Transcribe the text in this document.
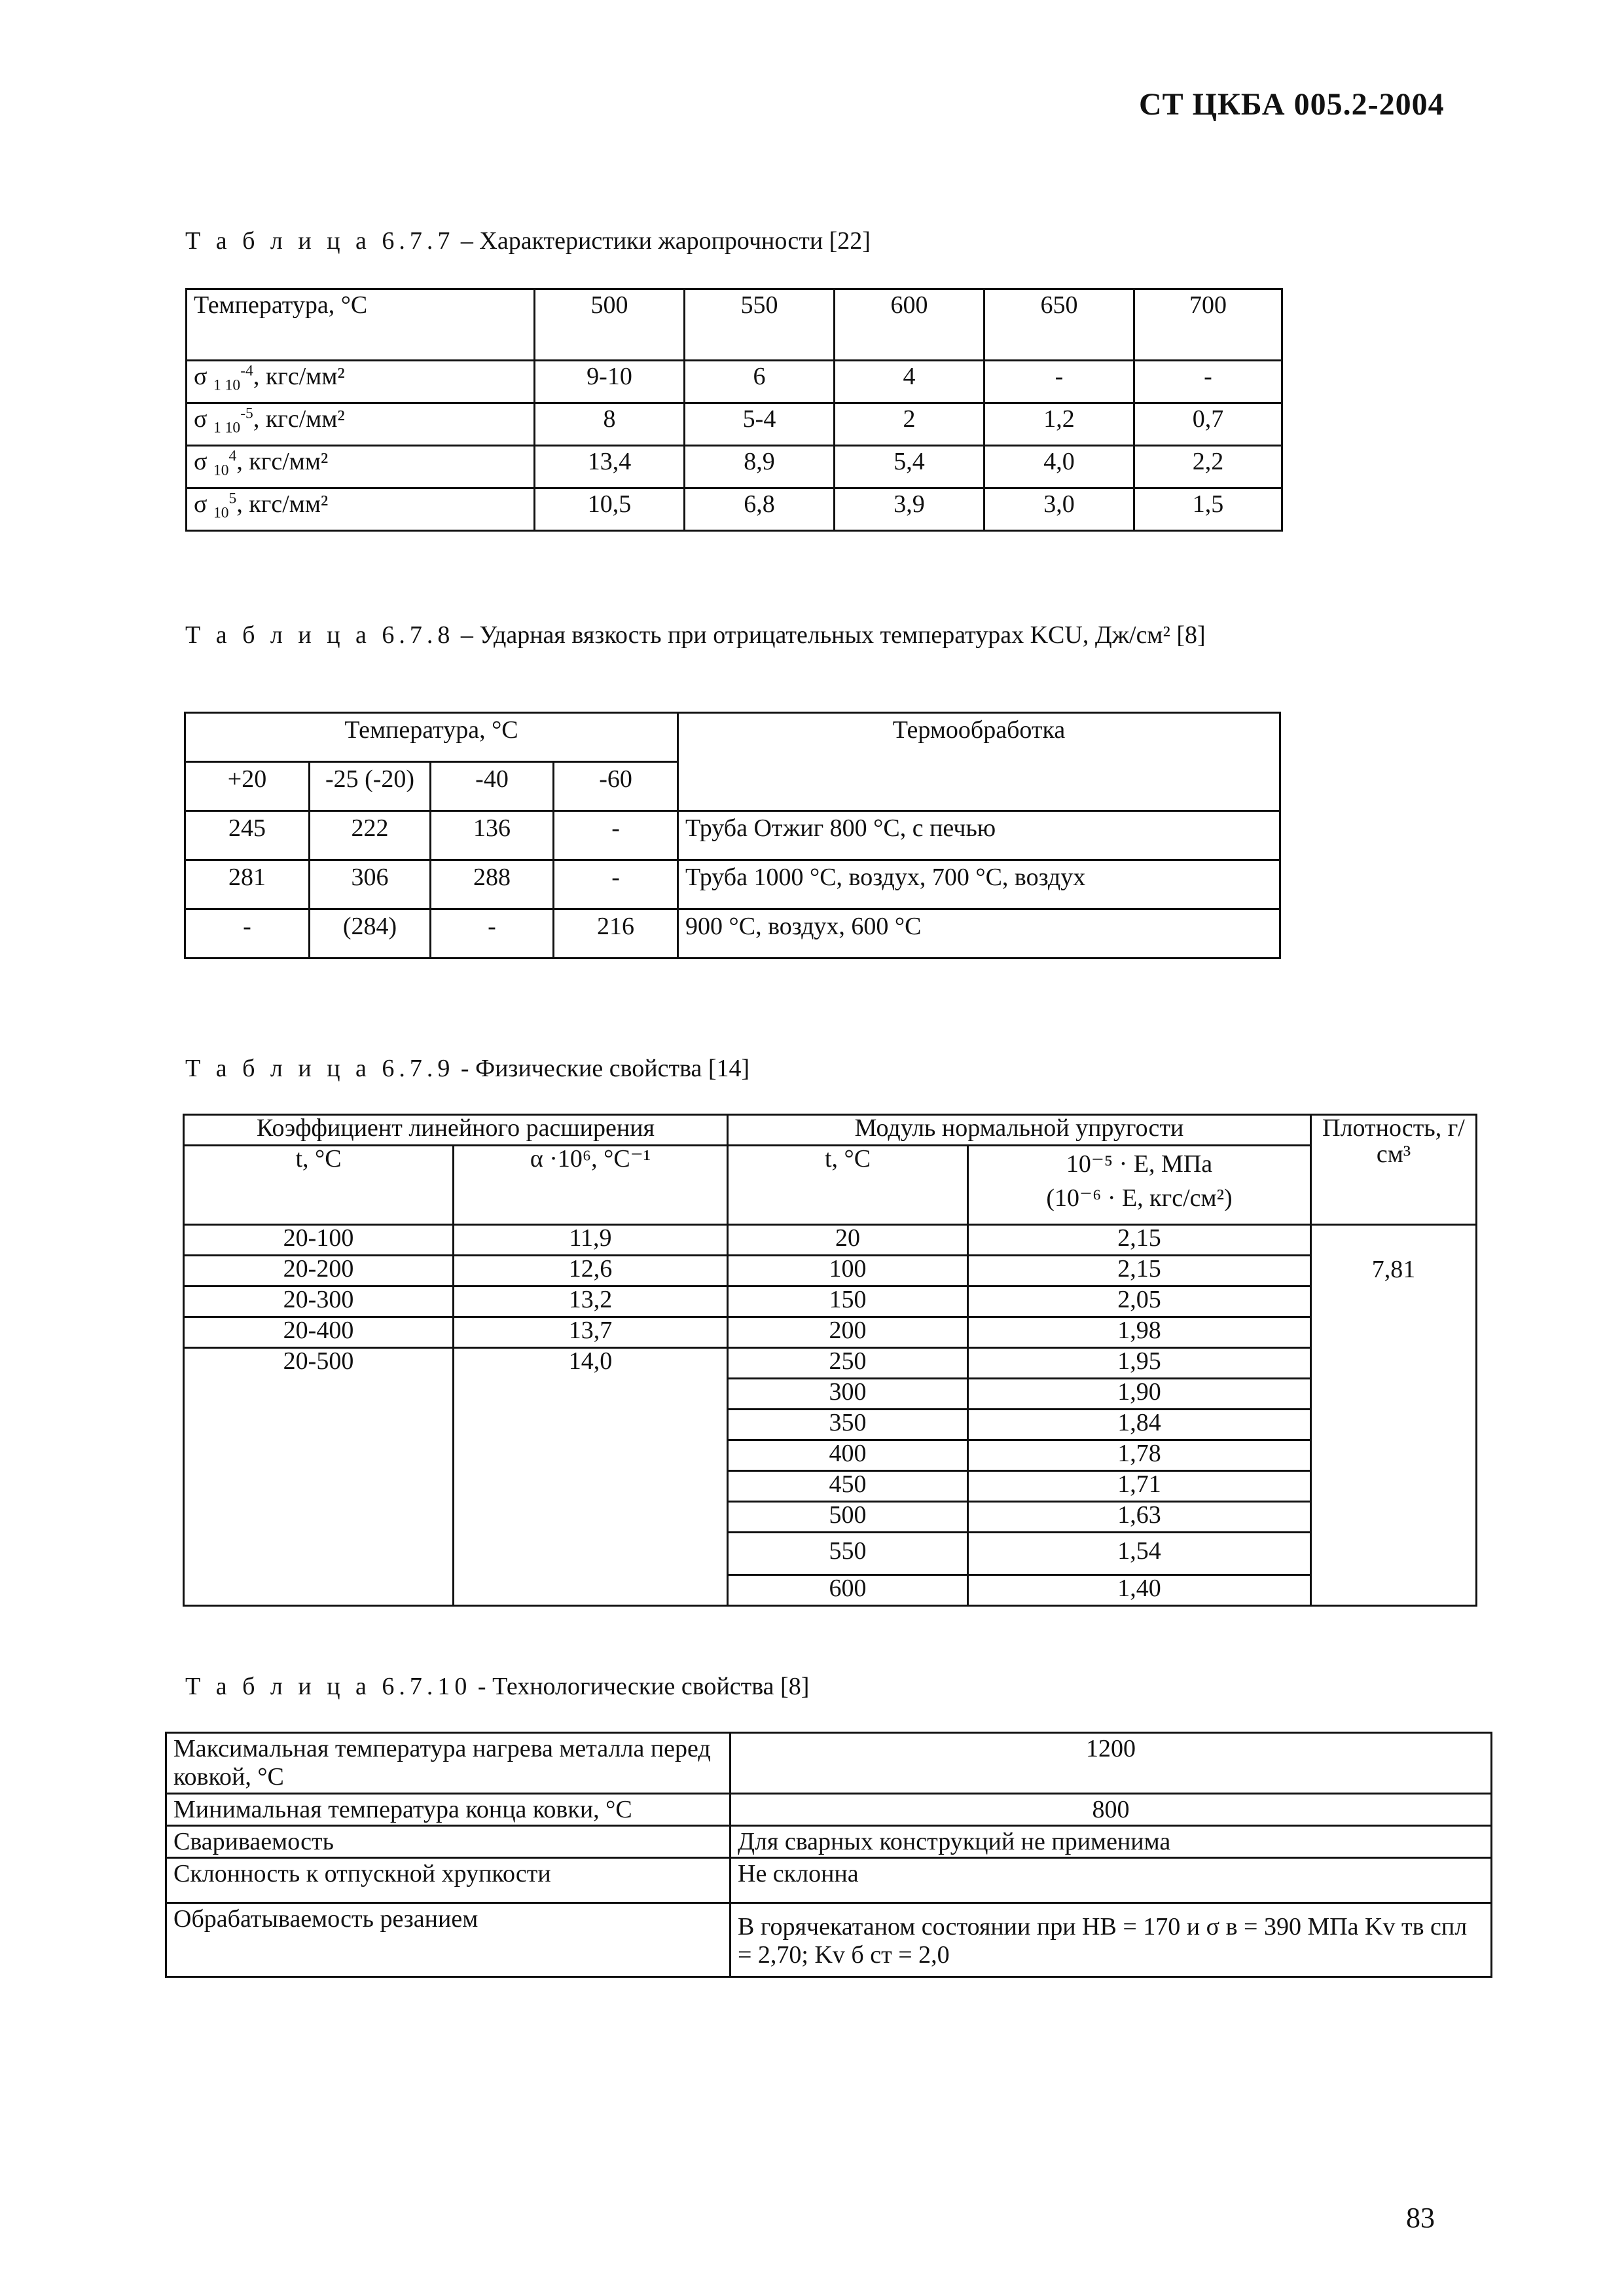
СТ ЦКБА 005.2-2004
Т а б л и ц а 6.7.7 – Характеристики жаропрочности [22]
Температура, °С	500	550	600	650	700
σ $_{1 10}^{-4}$, кгс/мм²	9-10	6	4	-	-
σ $_{1 10}^{-5}$, кгс/мм²	8	5-4	2	1,2	0,7
σ $_{10}^4$, кгс/мм²	13,4	8,9	5,4	4,0	2,2
σ $_{10}^5$, кгс/мм²	10,5	6,8	3,9	3,0	1,5
Т а б л и ц а 6.7.8 – Ударная вязкость при отрицательных температурах KCU, Дж/см² [8]
Температура, °С				Термообработка
+20	-25 (-20)	-40	-60	
245	222	136	-	Труба Отжиг 800 °С, с печью
281	306	288	-	Труба 1000 °С, воздух, 700 °С, воздух
-	(284)	-	216	900 °С, воздух, 600 °С
Т а б л и ц а 6.7.9 - Физические свойства [14]
Коэффициент линейного расширения		Модуль нормальной упругости		Плотность, г/см³
t, °С	α ·10⁶, °С⁻¹	t, °С	10⁻⁵ · Е, МПа
(10⁻⁶ · Е, кгс/см²)	

20-100	11,9	20	2,15	7,81
20-200	12,6	100	2,15	
20-300	13,2	150	2,05	
20-400	13,7	200	1,98	
20-500	14,0	250	1,95	
		300	1,90	
		350	1,84	
		400	1,78	
		450	1,71	
		500	1,63	
		550	1,54	
		600	1,40	
Т а б л и ц а 6.7.10 - Технологические свойства [8]
Максимальная температура нагрева металла перед ковкой, °С	1200
Минимальная температура конца ковки, °С	800
Свариваемость	Для сварных конструкций не применима
Склонность к отпускной хрупкости	Не склонна
Обрабатываемость резанием	В горячекатаном состоянии при НВ = 170 и σ в = 390 МПа Kv тв спл = 2,70; Kv б ст = 2,0
83
